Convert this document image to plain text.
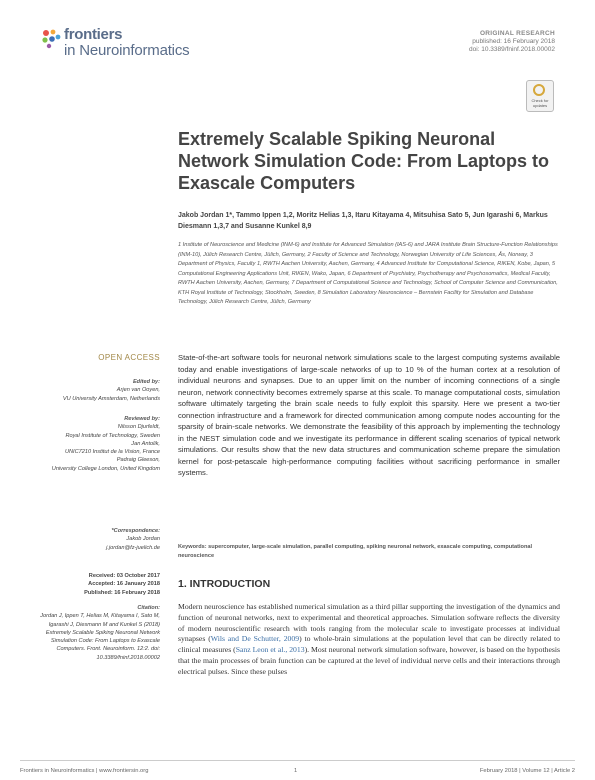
frontiers
in Neuroinformatics
ORIGINAL RESEARCH
published: 16 February 2018
doi: 10.3389/fninf.2018.00002
Check for updates
Extremely Scalable Spiking Neuronal Network Simulation Code: From Laptops to Exascale Computers
Jakob Jordan 1*, Tammo Ippen 1,2, Moritz Helias 1,3, Itaru Kitayama 4, Mitsuhisa Sato 5, Jun Igarashi 6, Markus Diesmann 1,3,7 and Susanne Kunkel 8,9
1 Institute of Neuroscience and Medicine (INM-6) and Institute for Advanced Simulation (IAS-6) and JARA Institute Brain Structure-Function Relationships (INM-10), Jülich Research Centre, Jülich, Germany, 2 Faculty of Science and Technology, Norwegian University of Life Sciences, Ås, Norway, 3 Department of Physics, Faculty 1, RWTH Aachen University, Aachen, Germany, 4 Advanced Institute for Computational Science, RIKEN, Kobe, Japan, 5 Computational Engineering Applications Unit, RIKEN, Wako, Japan, 6 Department of Psychiatry, Psychotherapy and Psychosomatics, Medical Faculty, RWTH Aachen University, Aachen, Germany, 7 Department of Computational Science and Technology, School of Computer Science and Communication, KTH Royal Institute of Technology, Stockholm, Sweden, 8 Simulation Laboratory Neuroscience – Bernstein Facility for Simulation and Database Technology, Jülich Research Centre, Jülich, Germany
OPEN ACCESS
Edited by:
Arjen van Ooyen,
VU University Amsterdam, Netherlands
Reviewed by:
Nilsson Djurfeldt,
Royal Institute of Technology, Sweden
Jan Antolik,
UNIC7210 Institut de la Vision, France
Padraig Gleeson,
University College London, United Kingdom
*Correspondence:
Jakob Jordan
j.jordan@fz-juelich.de
Received: 03 October 2017
Accepted: 16 January 2018
Published: 16 February 2018
Citation:
Jordan J, Ippen T, Helias M, Kitayama I, Sato M, Igarashi J, Diesmann M and Kunkel S (2018) Extremely Scalable Spiking Neuronal Network Simulation Code: From Laptops to Exascale Computers. Front. Neuroinform. 12:2. doi: 10.3389/fninf.2018.00002
State-of-the-art software tools for neuronal network simulations scale to the largest computing systems available today and enable investigations of large-scale networks of up to 10 % of the human cortex at a resolution of individual neurons and synapses. Due to an upper limit on the number of incoming connections of a single neuron, network connectivity becomes extremely sparse at this scale. To manage computational costs, simulation software ultimately targeting the brain scale needs to fully exploit this sparsity. Here we present a two-tier connection infrastructure and a framework for directed communication among compute nodes accounting for the sparsity of brain-scale networks. We demonstrate the feasibility of this approach by implementing the technology in the NEST simulation code and we investigate its performance in different scaling scenarios of typical network simulations. Our results show that the new data structures and communication scheme prepare the simulation kernel for post-petascale high-performance computing facilities without sacrificing performance in smaller systems.
Keywords: supercomputer, large-scale simulation, parallel computing, spiking neuronal network, exascale computing, computational neuroscience
1. INTRODUCTION
Modern neuroscience has established numerical simulation as a third pillar supporting the investigation of the dynamics and function of neuronal networks, next to experimental and theoretical approaches. Simulation software reflects the diversity of modern neuroscientific research with tools ranging from the molecular scale to investigate processes at individual synapses (Wils and De Schutter, 2009) to whole-brain simulations at the population level that can be directly related to clinical measures (Sanz Leon et al., 2013). Most neuronal network simulation software, however, is based on the hypothesis that the main processes of brain function can be captured at the level of individual nerve cells and their interactions through electrical pulses. Since these pulses
Frontiers in Neuroinformatics | www.frontiersin.org	1	February 2018 | Volume 12 | Article 2
